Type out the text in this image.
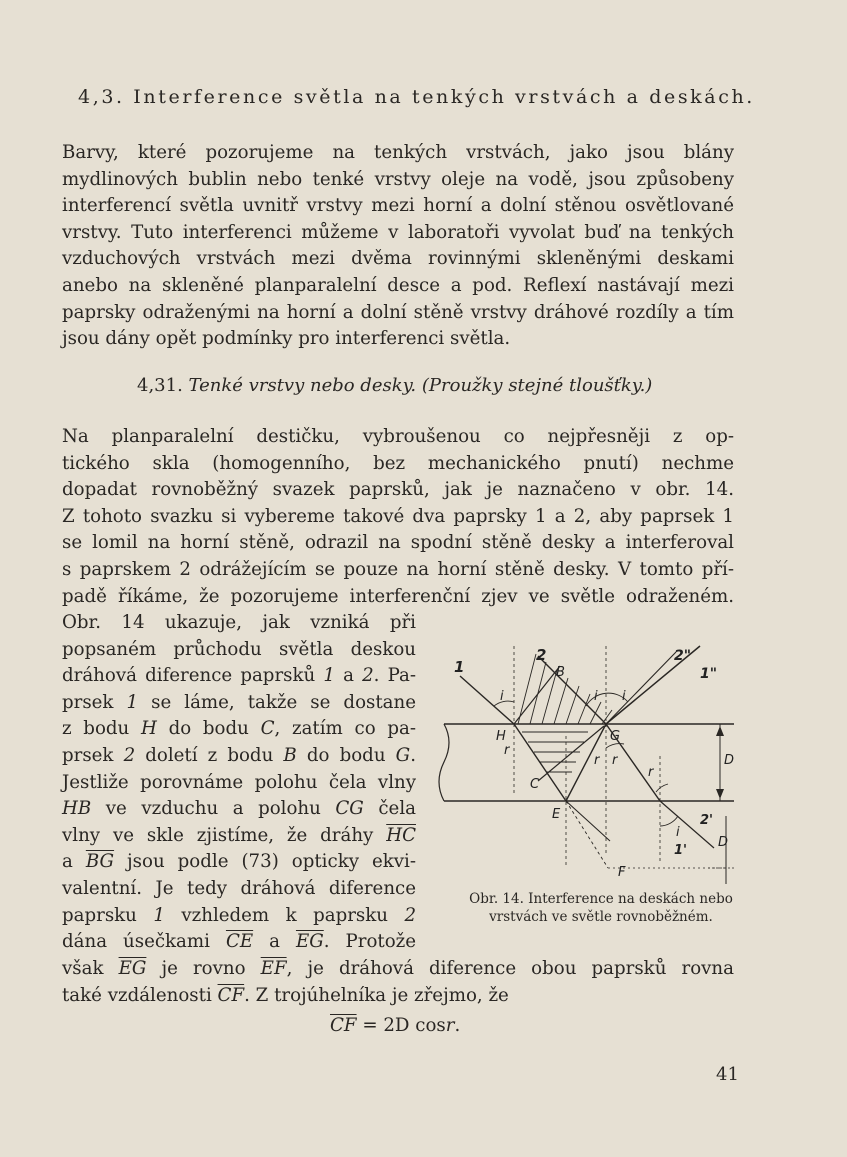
4,3. Interference světla na tenkých vrstvách a deskách.
Barvy, které pozorujeme na tenkých vrstvách, jako jsou blány
mydlinových bublin nebo tenké vrstvy oleje na vodě, jsou způsobeny
interferencí světla uvnitř vrstvy mezi horní a dolní stěnou osvětlované
vrstvy. Tuto interferenci můžeme v laboratoři vyvolat buď na tenkých
vzduchových vrstvách mezi dvěma rovinnými skleněnými deskami
anebo na skleněné planparalelní desce a pod. Reflexí nastávají mezi
paprsky odraženými na horní a dolní stěně vrstvy dráhové rozdíly a tím
jsou dány opět podmínky pro interferenci světla.
4,31. Tenké vrstvy nebo desky. (Proužky stejné tloušťky.)
Na planparalelní destičku, vybroušenou co nejpřesněji z op-
tického skla (homogenního, bez mechanického pnutí) nechme
dopadat rovnoběžný svazek paprsků, jak je naznačeno v obr. 14.
Z tohoto svazku si vybereme takové dva paprsky 1 a 2, aby paprsek 1
se lomil na horní stěně, odrazil na spodní stěně desky a interferoval
s paprskem 2 odrážejícím se pouze na horní stěně desky. V tomto pří-
padě říkáme, že pozorujeme interferenční zjev ve světle odraženém.
Obr. 14 ukazuje, jak vzniká při
popsaném průchodu světla deskou
dráhová diference paprsků 1 a 2. Pa-
prsek 1 se láme, takže se dostane
z bodu H do bodu C, zatím co pa-
prsek 2 doletí z bodu B do bodu G.
Jestliže porovnáme polohu čela vlny
HB ve vzduchu a polohu CG čela
vlny ve skle zjistíme, že dráhy $\overline{HC}$
a $\overline{BG}$ jsou podle (73) opticky ekvi-
valentní. Je tedy dráhová diference
paprsku 1 vzhledem k paprsku 2
dána úsečkami $\overline{CE}$ a $\overline{EG}$. Protože
1
2	2"
1"
B
H	G
C
E
F
D
D
2'
1'
i	i i
r
r r
r
i
Obr. 14. Interference na deskách nebo
vrstvách ve světle rovnoběžném.
však $\overline{EG}$ je rovno $\overline{EF}$, je dráhová diference obou paprsků rovna
také vzdálenosti $\overline{CF}$. Z trojúhelníka je zřejmo, že
$\overline{CF} = 2D$ cosr.
41
